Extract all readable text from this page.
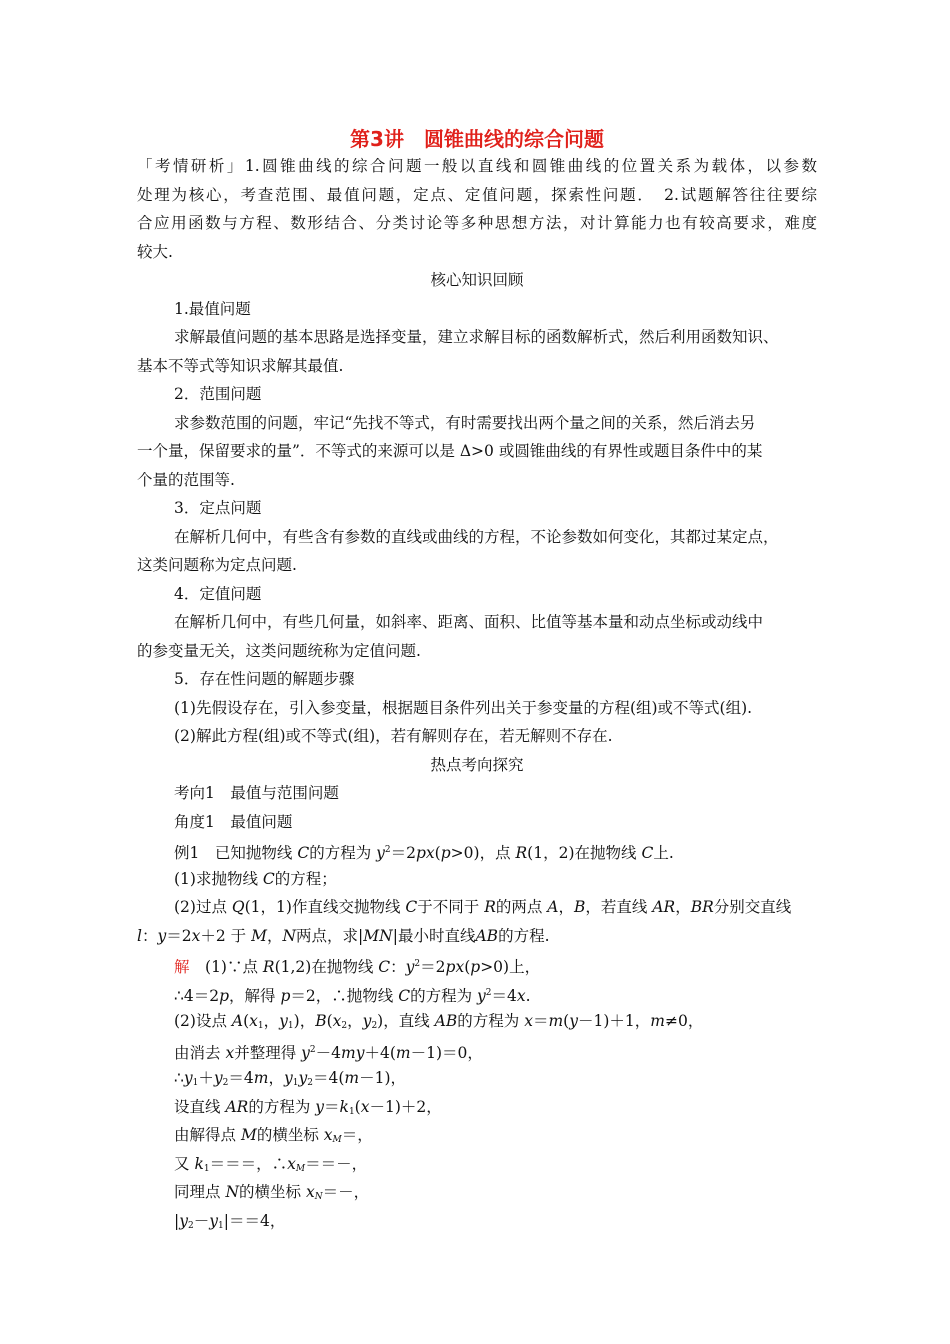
第3讲　圆锥曲线的综合问题
「考情研析」1.圆锥曲线的综合问题一般以直线和圆锥曲线的位置关系为载体，以参数
处理为核心，考查范围、最值问题，定点、定值问题，探索性问题．　2.试题解答往往要综
合应用函数与方程、数形结合、分类讨论等多种思想方法，对计算能力也有较高要求，难度
较大.
核心知识回顾
1.最值问题
求解最值问题的基本思路是选择变量，建立求解目标的函数解析式，然后利用函数知识、
基本不等式等知识求解其最值.
2．范围问题
求参数范围的问题，牢记“先找不等式，有时需要找出两个量之间的关系，然后消去另
一个量，保留要求的量”．不等式的来源可以是 Δ>0 或圆锥曲线的有界性或题目条件中的某
个量的范围等.
3．定点问题
在解析几何中，有些含有参数的直线或曲线的方程，不论参数如何变化，其都过某定点，
这类问题称为定点问题.
4．定值问题
在解析几何中，有些几何量，如斜率、距离、面积、比值等基本量和动点坐标或动线中
的参变量无关，这类问题统称为定值问题.
5．存在性问题的解题步骤
(1)先假设存在，引入参变量，根据题目条件列出关于参变量的方程(组)或不等式(组).
(2)解此方程(组)或不等式(组)，若有解则存在，若无解则不存在.
热点考向探究
考向1　最值与范围问题
角度1　最值问题
例1　已知抛物线 C的方程为 $y^2=2px(p>0)$，点 R(1，2)在抛物线 C上.
(1)求抛物线 C的方程；
(2)过点 Q(1，1)作直线交抛物线 C于不同于 R的两点 A，B，若直线 AR，BR分别交直线
l：y＝2x＋2 于 M，N两点，求|MN|最小时直线AB的方程.
解　(1)∵点 R(1,2)在抛物线 C：$y^2=2px(p>0)$上，
∴4＝2p，解得 p＝2，∴抛物线 C的方程为 $y^2=4x$.
(2)设点 $A(x_1$，$y_1$)，$B(x_2$，$y_2$)，直线 AB的方程为 x＝m(y－1)＋1，m≠0，
由消去 x并整理得 $y^2-4my+4(m-1)=0$，
$\therefore y_1+y_2=4m$，$y_1y_2=4(m-1)$，
设直线 AR的方程为 $y=k_1(x-1)+2$，
由解得点 M的横坐标 $x_M=$，
又 $k_1===$，$\therefore x_M==-$，
同理点 N的横坐标 $x_N=-$，
$|y_2-y_1|==4$，
